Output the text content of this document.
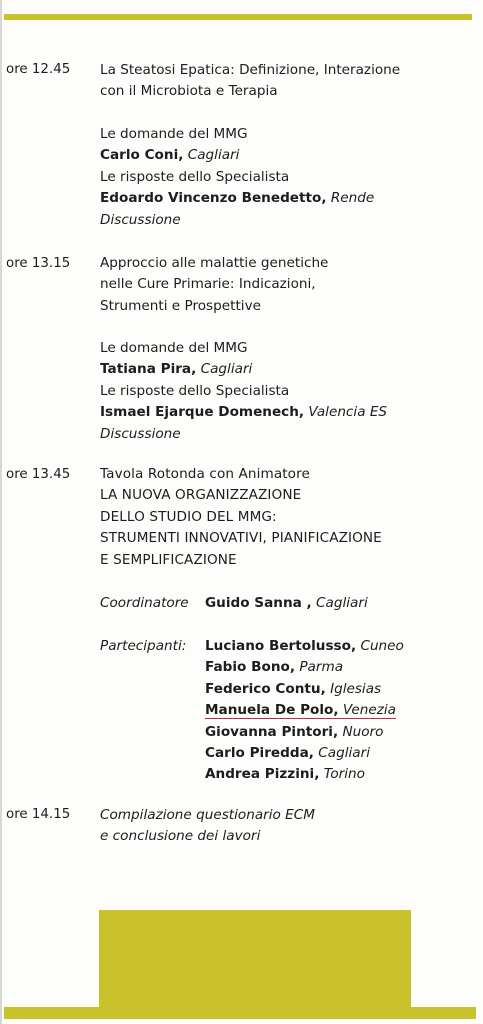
ore 12.45 La Steatosi Epatica: Definizione, Interazione
con il Microbiota e Terapia
Le domande del MMG
Carlo Coni, Cagliari
Le risposte dello Specialista
Edoardo Vincenzo Benedetto, Rende
Discussione
ore 13.15 Approccio alle malattie genetiche
nelle Cure Primarie: Indicazioni,
Strumenti e Prospettive
Le domande del MMG
Tatiana Pira, Cagliari
Le risposte dello Specialista
Ismael Ejarque Domenech, Valencia ES
Discussione
ore 13.45 Tavola Rotonda con Animatore
LA NUOVA ORGANIZZAZIONE
DELLO STUDIO DEL MMG:
STRUMENTI INNOVATIVI, PIANIFICAZIONE
E SEMPLIFICAZIONE
Coordinatore Guido Sanna , Cagliari
Partecipanti: Luciano Bertolusso, Cuneo
Fabio Bono, Parma
Federico Contu, Iglesias
Manuela De Polo, Venezia
Giovanna Pintori, Nuoro
Carlo Piredda, Cagliari
Andrea Pizzini, Torino
ore 14.15 Compilazione questionario ECM
e conclusione dei lavori
